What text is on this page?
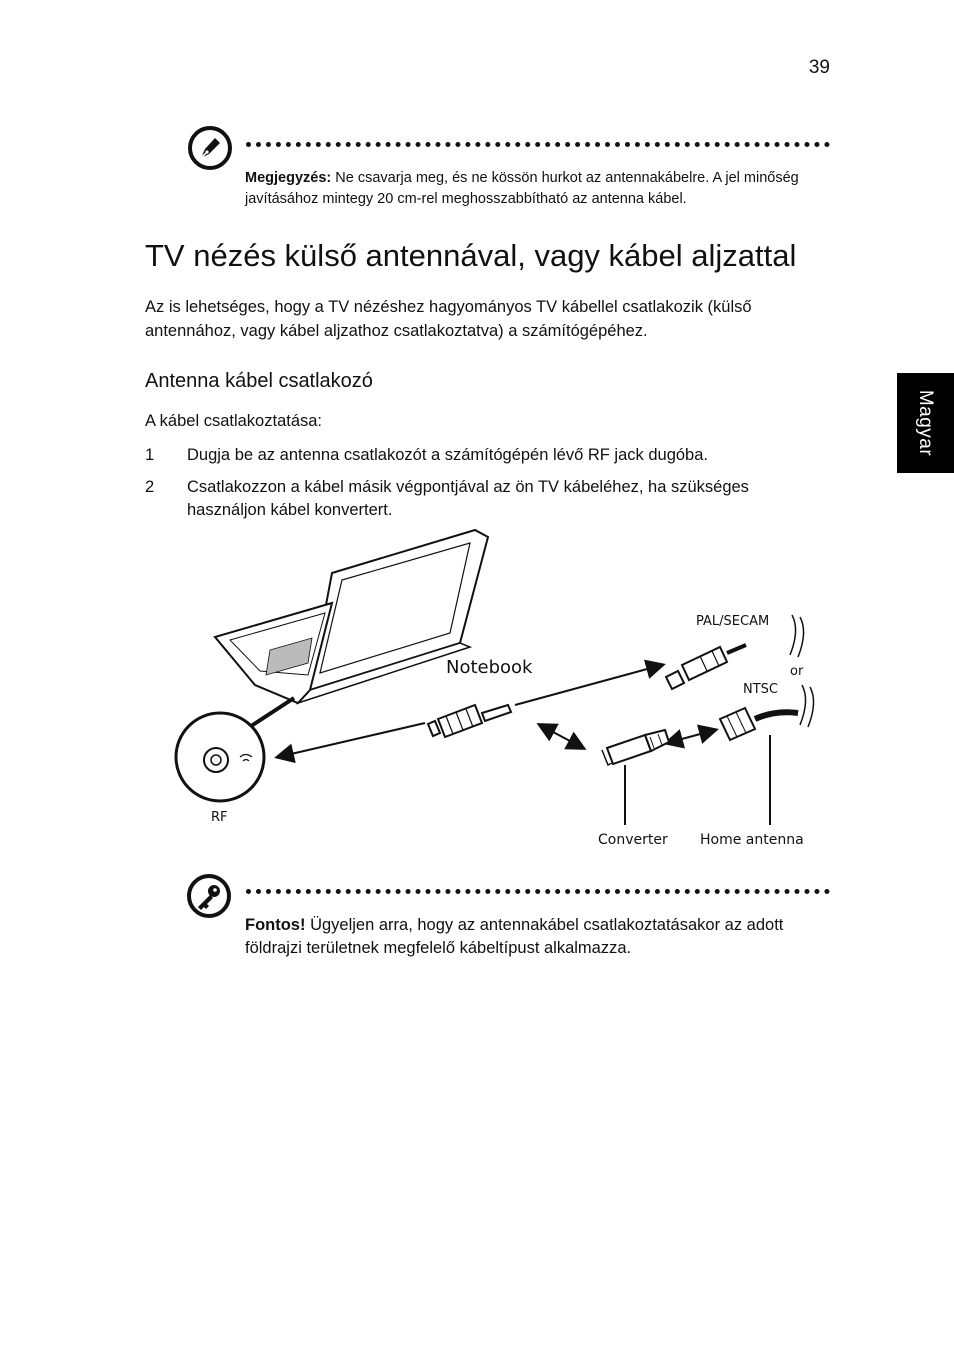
39
Magyar
Megjegyzés: Ne csavarja meg, és ne kössön hurkot az antennakábelre. A jel minőség javításához mintegy 20 cm-rel meghosszabbítható az antenna kábel.
TV nézés külső antennával, vagy kábel aljzattal

Az is lehetséges, hogy a TV nézéshez hagyományos TV kábellel csatlakozik (külső antennához, vagy kábel aljzathoz csatlakoztatva) a számítógépéhez.

Antenna kábel csatlakozó

A kábel csatlakoztatása:

1	Dugja be az antenna csatlakozót a számítógépén lévő RF jack dugóba.
2	Csatlakozzon a kábel másik végpontjával az ön TV kábeléhez, ha szükséges használjon kábel konvertert.
Notebook
PAL/SECAM
or
NTSC
RF
Converter Home antenna
Fontos! Ügyeljen arra, hogy az antennakábel csatlakoztatásakor az adott földrajzi területnek megfelelő kábeltípust alkalmazza.
